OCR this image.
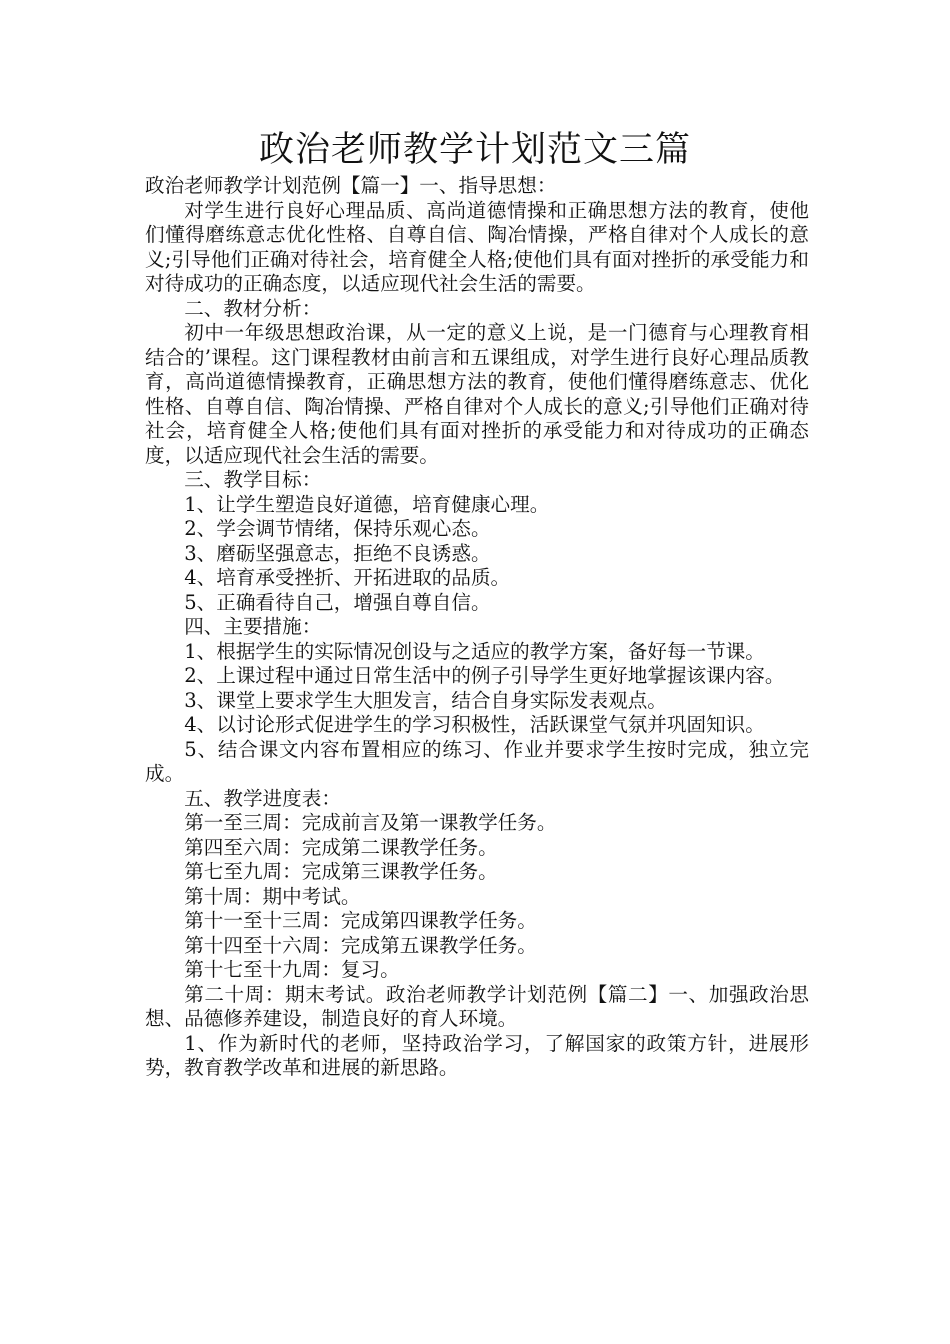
政治老师教学计划范文三篇

政治老师教学计划范例【篇一】一、指导思想：

对学生进行良好心理品质、高尚道德情操和正确思想方法的教育，使他们懂得磨练意志优化性格、自尊自信、陶冶情操，严格自律对个人成长的意义;引导他们正确对待社会，培育健全人格;使他们具有面对挫折的承受能力和对待成功的正确态度，以适应现代社会生活的需要。

二、教材分析：

初中一年级思想政治课，从一定的意义上说，是一门德育与心理教育相结合的’课程。这门课程教材由前言和五课组成，对学生进行良好心理品质教育，高尚道德情操教育，正确思想方法的教育，使他们懂得磨练意志、优化性格、自尊自信、陶冶情操、严格自律对个人成长的意义;引导他们正确对待社会，培育健全人格;使他们具有面对挫折的承受能力和对待成功的正确态度，以适应现代社会生活的需要。

三、教学目标：

1、让学生塑造良好道德，培育健康心理。

2、学会调节情绪，保持乐观心态。

3、磨砺坚强意志，拒绝不良诱惑。

4、培育承受挫折、开拓进取的品质。

5、正确看待自己，增强自尊自信。

四、主要措施：

1、根据学生的实际情况创设与之适应的教学方案，备好每一节课。

2、上课过程中通过日常生活中的例子引导学生更好地掌握该课内容。

3、课堂上要求学生大胆发言，结合自身实际发表观点。

4、以讨论形式促进学生的学习积极性，活跃课堂气氛并巩固知识。

5、结合课文内容布置相应的练习、作业并要求学生按时完成，独立完成。

五、教学进度表：

第一至三周：完成前言及第一课教学任务。

第四至六周：完成第二课教学任务。

第七至九周：完成第三课教学任务。

第十周：期中考试。

第十一至十三周：完成第四课教学任务。

第十四至十六周：完成第五课教学任务。

第十七至十九周：复习。

第二十周：期末考试。政治老师教学计划范例【篇二】一、加强政治思想、品德修养建设，制造良好的育人环境。

1、作为新时代的老师，坚持政治学习，了解国家的政策方针，进展形势，教育教学改革和进展的新思路。
